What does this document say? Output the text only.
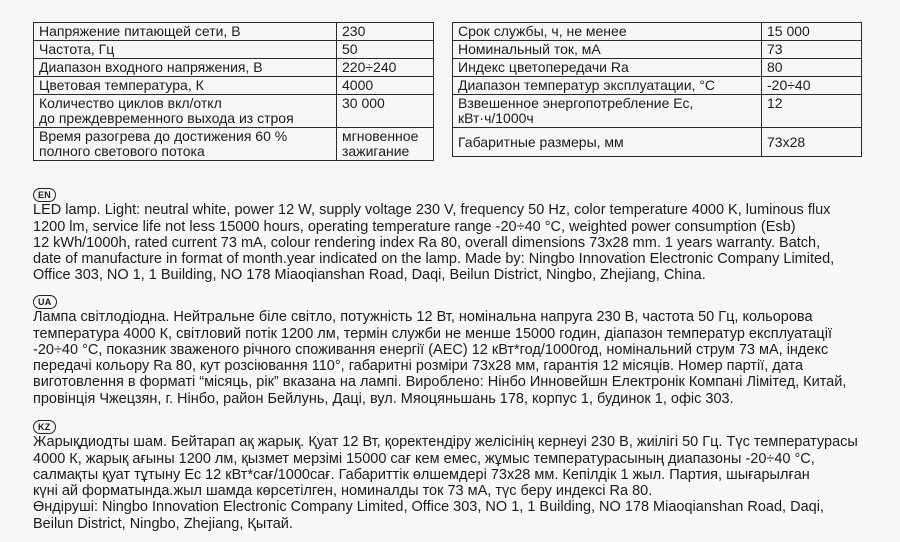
Напряжение питающей сети, В	230
Частота, Гц	50
Диапазон входного напряжения, В	220÷240
Цветовая температура, К	4000
Количество циклов вкл/откл
до преждевременного выхода из строя	30 000
Время разогрева до достижения 60 %
полного светового потока	мгновенное
зажигание
Срок службы, ч, не менее	15 000
Номинальный ток, мА	73
Индекс цветопередачи Ra	80
Диапазон температур эксплуатации, °С	-20÷40
Взвешенное энергопотребление Ес,
кВт·ч/1000ч	12
Габаритные размеры, мм	73x28
EN

LED lamp. Light: neutral white, power 12 W, supply voltage 230 V, frequency 50 Hz, color temperature 4000 K, luminous flux
1200 lm, service life not less 15000 hours, operating temperature range -20÷40 °C, weighted power consumption (Esb)
12 kWh/1000h, rated current 73 mA, colour rendering index Ra 80, overall dimensions 73x28 mm. 1 years warranty. Batch,
date of manufacture in format of month.year indicated on the lamp. Made by: Ningbo Innovation Electronic Company Limited,
Office 303, NO 1, 1 Building, NO 178 Miaoqianshan Road, Daqi, Beilun District, Ningbo, Zhejiang, China.

UA

Лампа світлодіодна. Нейтральне біле світло, потужність 12 Вт, номінальна напруга 230 В, частота 50 Гц, кольорова
температура 4000 К, світловий потік 1200 лм, термін служби не менше 15000 годин, діапазон температур експлуатації
-20÷40 °С, показник зваженого річного споживання енергії (АЕС) 12 кВт*год/1000год, номінальний струм 73 мА, індекс
передачі кольору Ra 80, кут розсіювання 110°, габаритні розміри 73х28 мм, гарантія 12 місяців. Номер партії, дата
виготовлення в форматі “місяць, рік” вказана на лампі. Вироблено: Нінбо Инновейшн Електронік Компані Лімітед, Китай,
провінція Чжецзян, г. Нінбо, район Бейлунь, Даці, вул. Мяоцяньшань 178, корпус 1, будинок 1, офіс 303.

KZ

Жарықдиодты шам. Бейтарап ақ жарық. Қуат 12 Вт, қоректендіру желісінің кернеуі 230 В, жиілігі 50 Гц. Түс температурасы
4000 К, жарық ағыны 1200 лм, қызмет мерзімі 15000 сағ кем емес, жұмыс температурасының диапазоны -20÷40 °С,
салмақты қуат тұтыну Ес 12 кВт*сағ/1000сағ. Габариттік өлшемдері 73х28 мм. Кепілдік 1 жыл. Партия, шығарылған
күні ай форматында.жыл шамда көрсетілген, номиналды ток 73 мА, түс беру индексі Ra 80.
Өндіруші: Ningbo Innovation Electronic Company Limited, Office 303, NO 1, 1 Building, NO 178 Miaoqianshan Road, Daqi,
Beilun District, Ningbo, Zhejiang, Қытай.
